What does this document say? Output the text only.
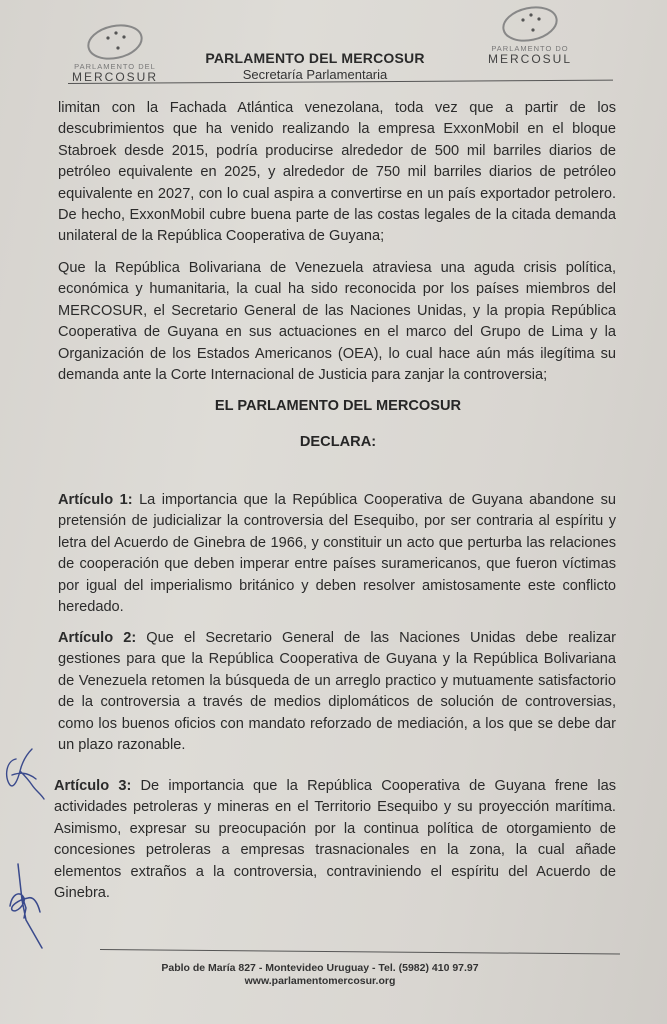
PARLAMENTO DEL
MERCOSUR
PARLAMENTO DEL MERCOSUR
Secretaría Parlamentaria
PARLAMENTO DO
MERCOSUL

limitan con la Fachada Atlántica venezolana, toda vez que a partir de los descubrimientos que ha venido realizando la empresa ExxonMobil en el bloque Stabroek desde 2015, podría producirse alrededor de 500 mil barriles diarios de petróleo equivalente en 2025, y alrededor de 750 mil barriles diarios de petróleo equivalente en 2027, con lo cual aspira a convertirse en un país exportador petrolero. De hecho, ExxonMobil cubre buena parte de las costas legales de la citada demanda unilateral de la República Cooperativa de Guyana;

Que la República Bolivariana de Venezuela atraviesa una aguda crisis política, económica y humanitaria, la cual ha sido reconocida por los países miembros del MERCOSUR, el Secretario General de las Naciones Unidas, y la propia República Cooperativa de Guyana en sus actuaciones en el marco del Grupo de Lima y la Organización de los Estados Americanos (OEA), lo cual hace aún más ilegítima su demanda ante la Corte Internacional de Justicia para zanjar la controversia;

EL PARLAMENTO DEL MERCOSUR
DECLARA:

Artículo 1: La importancia que la República Cooperativa de Guyana abandone su pretensión de judicializar la controversia del Esequibo, por ser contraria al espíritu y letra del Acuerdo de Ginebra de 1966, y constituir un acto que perturba las relaciones de cooperación que deben imperar entre países suramericanos, que fueron víctimas por igual del imperialismo británico y deben resolver amistosamente este conflicto heredado.

Artículo 2: Que el Secretario General de las Naciones Unidas debe realizar gestiones para que la República Cooperativa de Guyana y la República Bolivariana de Venezuela retomen la búsqueda de un arreglo practico y mutuamente satisfactorio de la controversia a través de medios diplomáticos de solución de controversias, como los buenos oficios con mandato reforzado de mediación, a los que se debe dar un plazo razonable.

Artículo 3: De importancia que la República Cooperativa de Guyana frene las actividades petroleras y mineras en el Territorio Esequibo y su proyección marítima. Asimismo, expresar su preocupación por la continua política de otorgamiento de concesiones petroleras a empresas trasnacionales en la zona, la cual añade elementos extraños a la controversia, contraviniendo el espíritu del Acuerdo de Ginebra.

Pablo de María 827 - Montevideo Uruguay - Tel. (5982) 410 97.97
www.parlamentomercosur.org
